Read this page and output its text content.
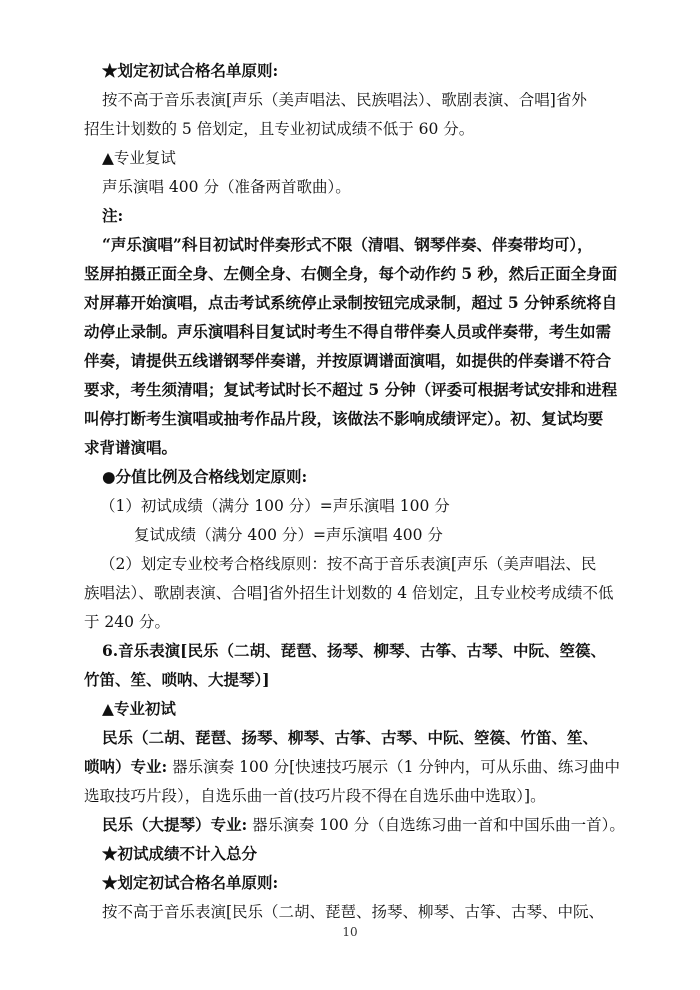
★划定初试合格名单原则:
按不高于音乐表演[声乐（美声唱法、民族唱法）、歌剧表演、合唱]省外
招生计划数的 5 倍划定，且专业初试成绩不低于 60 分。
▲专业复试
声乐演唱 400 分（准备两首歌曲）。
注:
“声乐演唱”科目初试时伴奏形式不限（清唱、钢琴伴奏、伴奏带均可），
竖屏拍摄正面全身、左侧全身、右侧全身，每个动作约 5 秒，然后正面全身面
对屏幕开始演唱，点击考试系统停止录制按钮完成录制，超过 5 分钟系统将自
动停止录制。声乐演唱科目复试时考生不得自带伴奏人员或伴奏带，考生如需
伴奏，请提供五线谱钢琴伴奏谱，并按原调谱面演唱，如提供的伴奏谱不符合
要求，考生须清唱；复试考试时长不超过 5 分钟（评委可根据考试安排和进程
叫停打断考生演唱或抽考作品片段，该做法不影响成绩评定）。初、复试均要
求背谱演唱。
●分值比例及合格线划定原则:
（1）初试成绩（满分 100 分）=声乐演唱 100 分
复试成绩（满分 400 分）=声乐演唱 400 分
（2）划定专业校考合格线原则：按不高于音乐表演[声乐（美声唱法、民
族唱法）、歌剧表演、合唱]省外招生计划数的 4 倍划定，且专业校考成绩不低
于 240 分。
6.音乐表演[民乐（二胡、琵琶、扬琴、柳琴、古筝、古琴、中阮、箜篌、
竹笛、笙、唢呐、大提琴）]
▲专业初试
民乐（二胡、琵琶、扬琴、柳琴、古筝、古琴、中阮、箜篌、竹笛、笙、
唢呐）专业: 器乐演奏 100 分[快速技巧展示（1 分钟内，可从乐曲、练习曲中
选取技巧片段），自选乐曲一首(技巧片段不得在自选乐曲中选取）]。
民乐（大提琴）专业: 器乐演奏 100 分（自选练习曲一首和中国乐曲一首）。
★初试成绩不计入总分
★划定初试合格名单原则:
按不高于音乐表演[民乐（二胡、琵琶、扬琴、柳琴、古筝、古琴、中阮、
10
